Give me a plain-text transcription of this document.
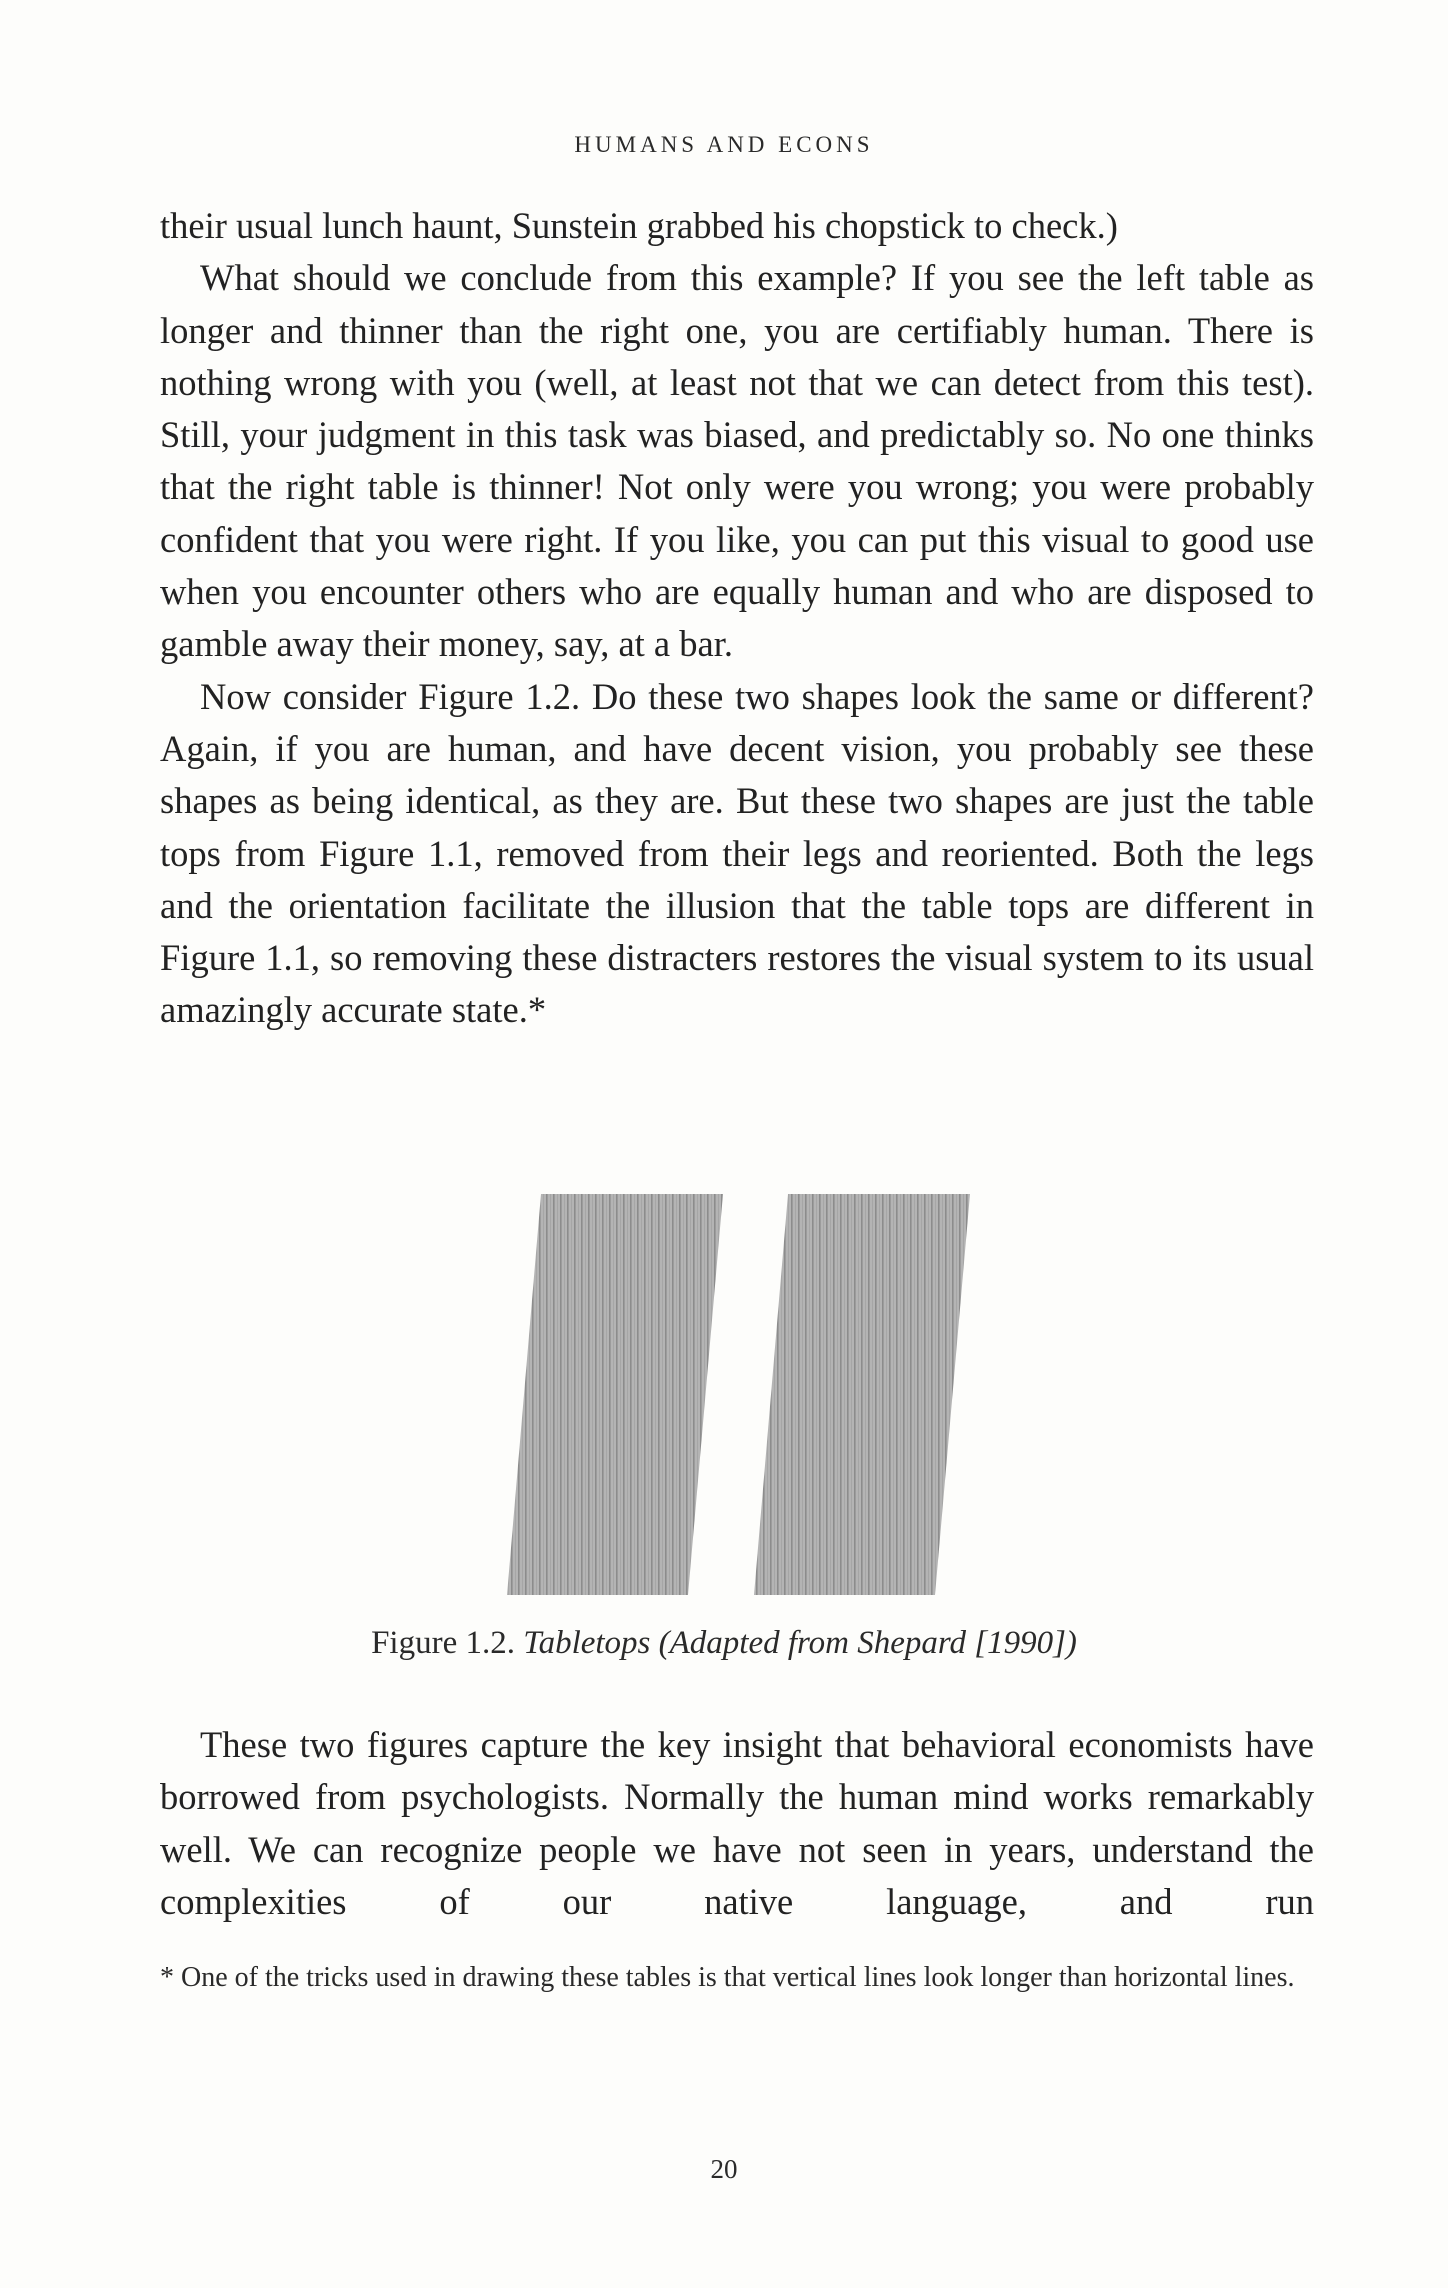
HUMANS AND ECONS

their usual lunch haunt, Sunstein grabbed his chopstick to check.)

What should we conclude from this example? If you see the left table as longer and thinner than the right one, you are certifiably human. There is nothing wrong with you (well, at least not that we can detect from this test). Still, your judgment in this task was biased, and predictably so. No one thinks that the right table is thinner! Not only were you wrong; you were probably confident that you were right. If you like, you can put this visual to good use when you encounter others who are equally human and who are disposed to gamble away their money, say, at a bar.

Now consider Figure 1.2. Do these two shapes look the same or different? Again, if you are human, and have decent vision, you probably see these shapes as being identical, as they are. But these two shapes are just the table tops from Figure 1.1, removed from their legs and reoriented. Both the legs and the orientation facilitate the illusion that the table tops are different in Figure 1.1, so removing these distracters restores the visual system to its usual amazingly accurate state.*

Figure 1.2. Tabletops (Adapted from Shepard [1990])

These two figures capture the key insight that behavioral economists have borrowed from psychologists. Normally the human mind works remarkably well. We can recognize people we have not seen in years, understand the complexities of our native language, and run

* One of the tricks used in drawing these tables is that vertical lines look longer than horizontal lines.

20
